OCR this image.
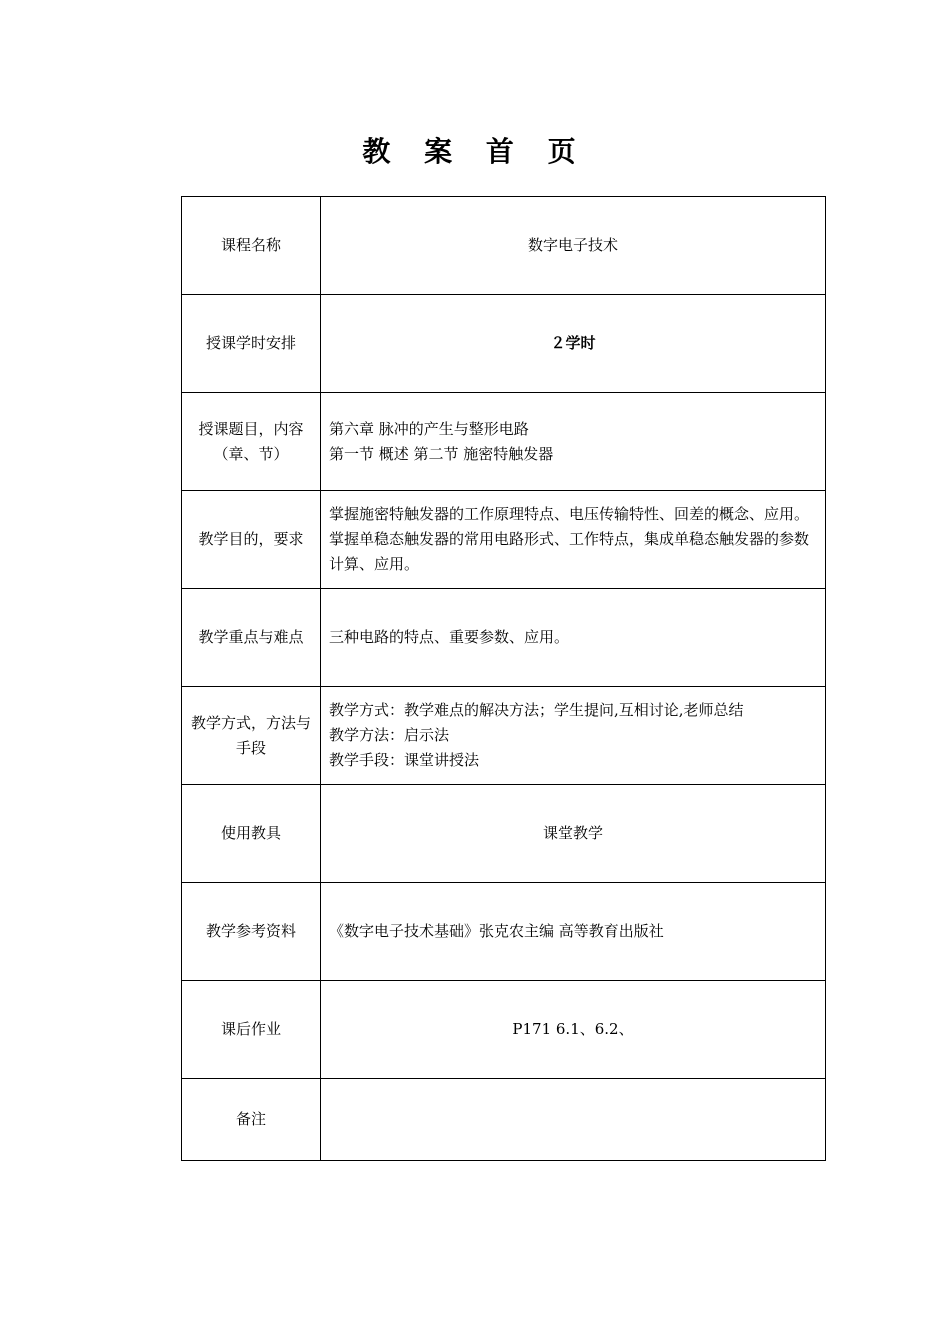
教 案 首 页
课程名称	数字电子技术

授课学时安排	２学时

授课题目，内容（章、节）	第六章 脉冲的产生与整形电路
第一节 概述 第二节 施密特触发器

教学目的，要求	掌握施密特触发器的工作原理特点、电压传输特性、回差的概念、应用。
掌握单稳态触发器的常用电路形式、工作特点，集成单稳态触发器的参数计算、应用。

教学重点与难点	三种电路的特点、重要参数、应用。

教学方式，方法与手段	教学方式：教学难点的解决方法；学生提问,互相讨论,老师总结
教学方法：启示法
教学手段：课堂讲授法

使用教具	课堂教学

教学参考资料	《数字电子技术基础》张克农主编 高等教育出版社

课后作业	P171 6.1、6.2、

备注	
